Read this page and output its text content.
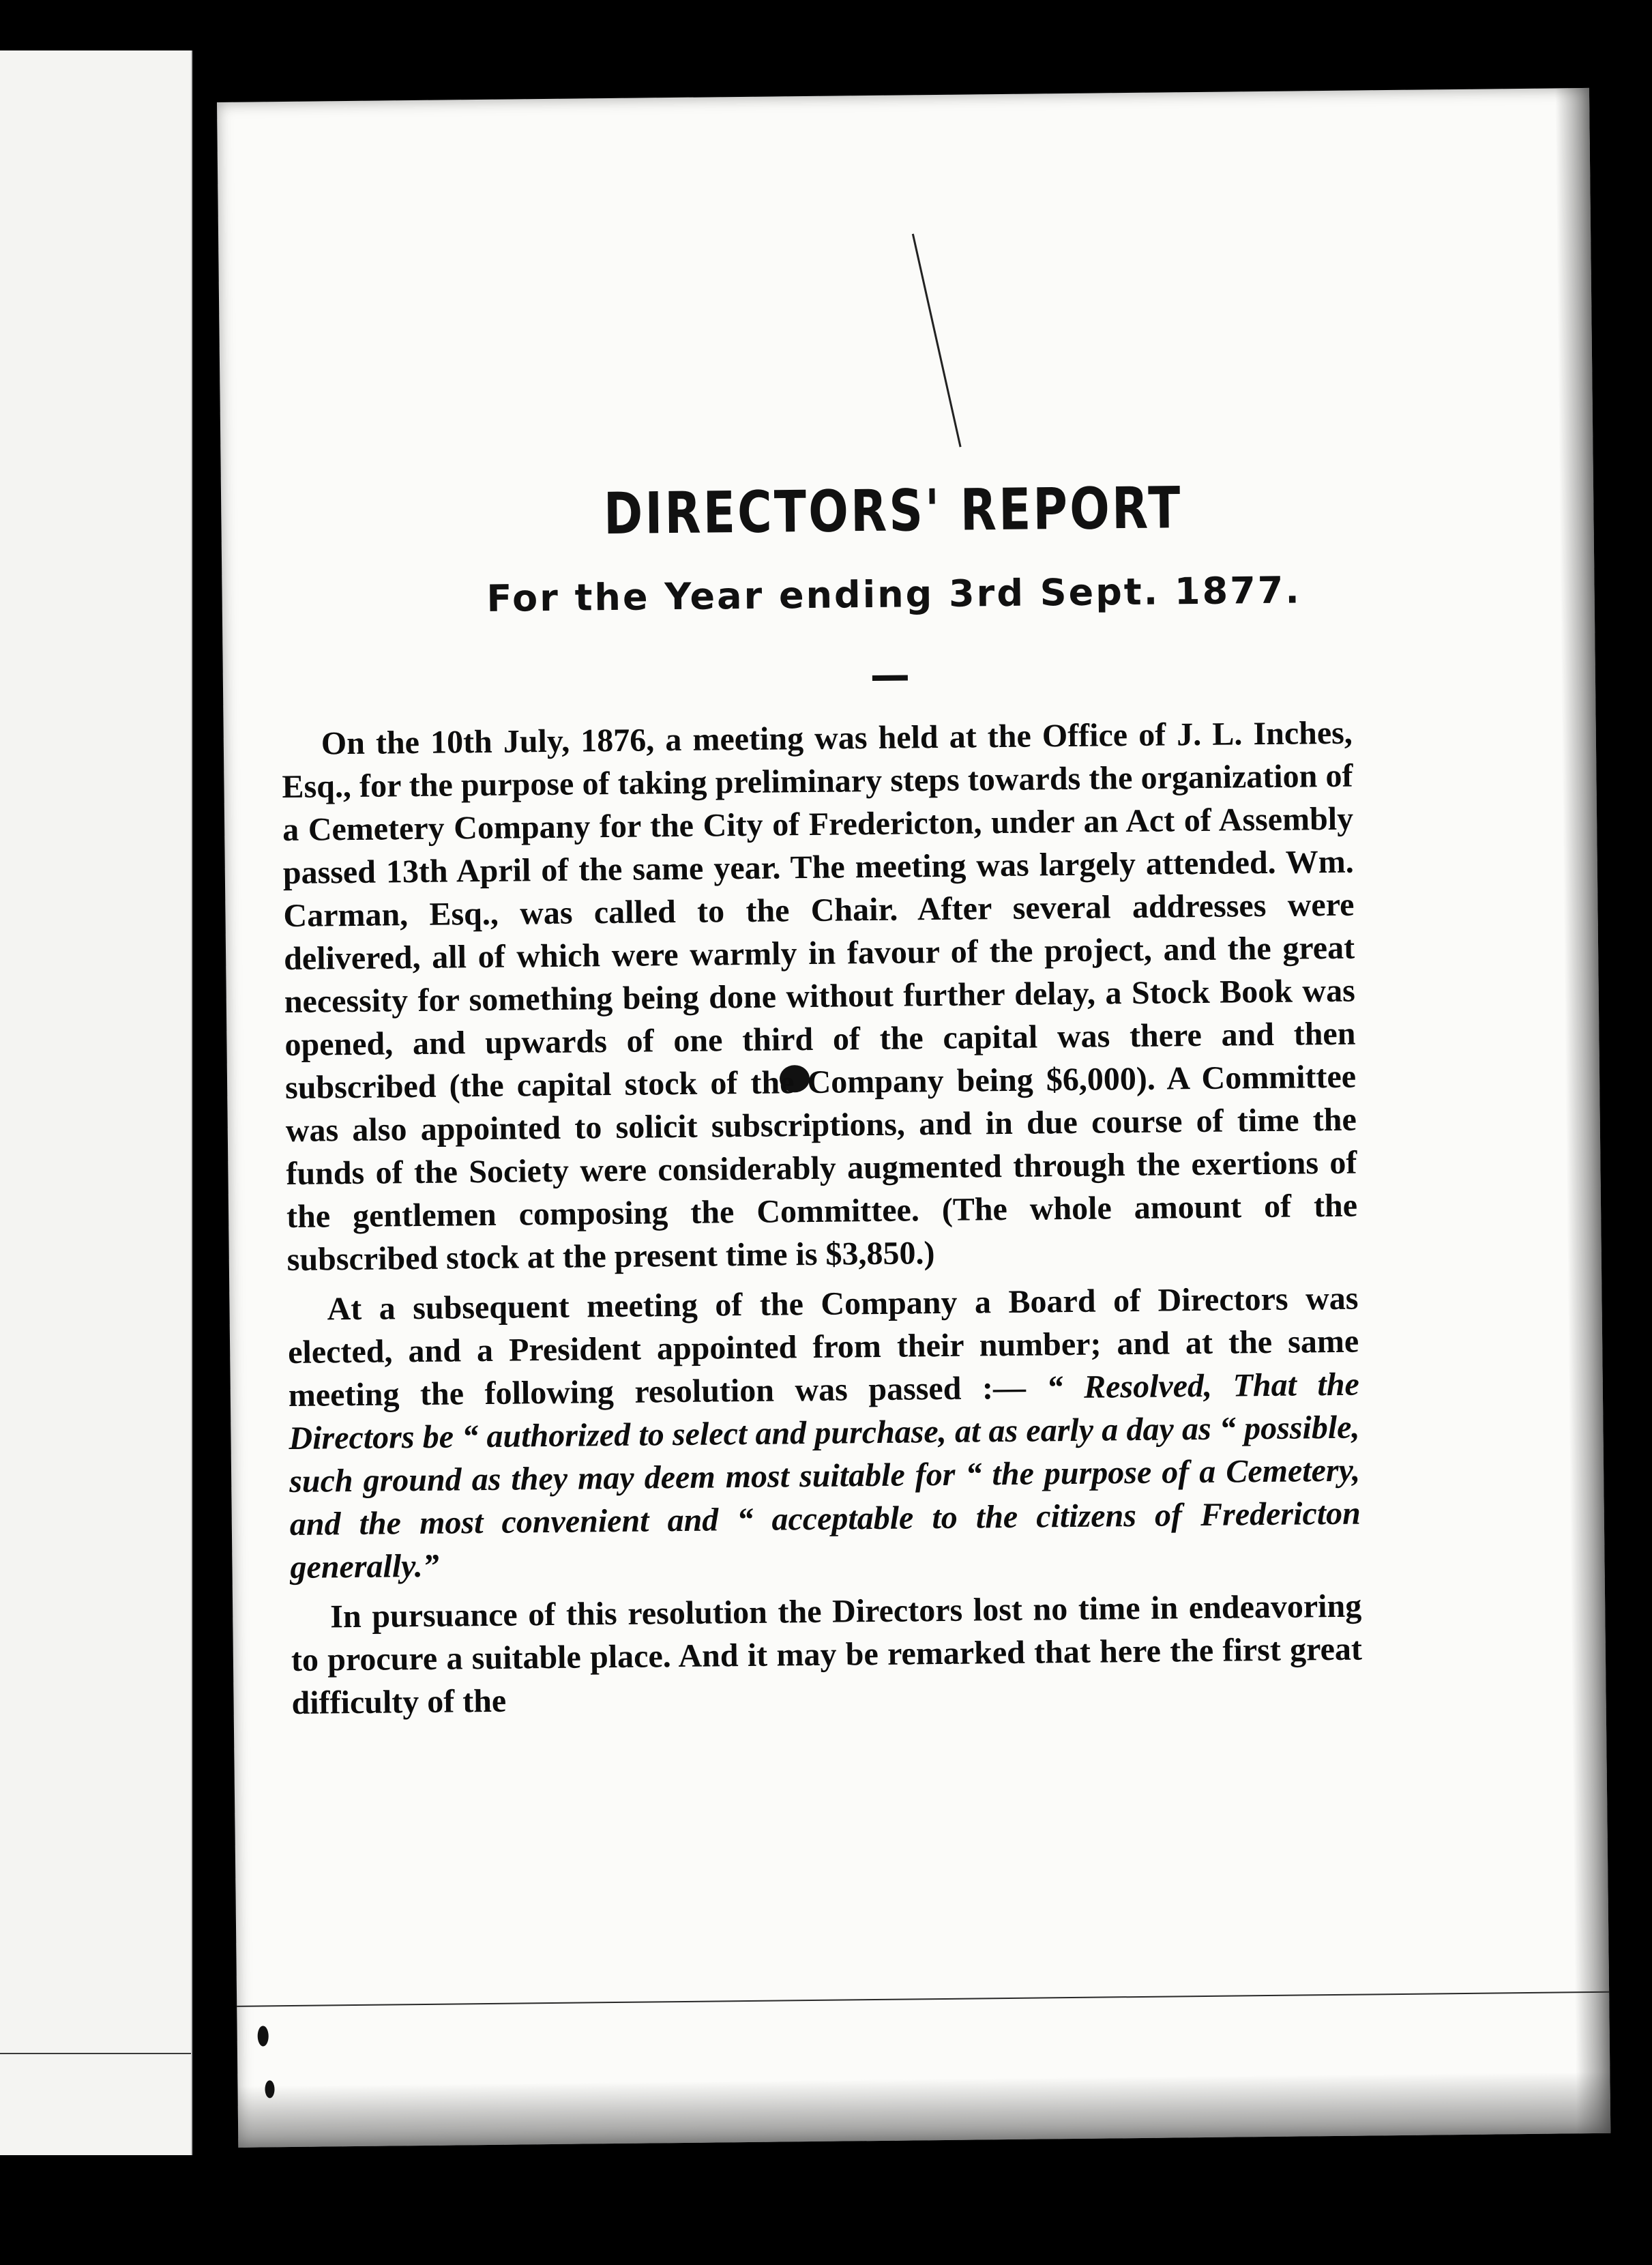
DIRECTORS' REPORT
For the Year ending 3rd Sept. 1877.

On the 10th July, 1876, a meeting was held at the Office of J. L. Inches, Esq., for the purpose of taking preliminary steps towards the organization of a Cemetery Company for the City of Fredericton, under an Act of Assembly passed 13th April of the same year. The meeting was largely attended. Wm. Carman, Esq., was called to the Chair. After several addresses were delivered, all of which were warmly in favour of the project, and the great necessity for something being done without further delay, a Stock Book was opened, and upwards of one third of the capital was there and then subscribed (the capital stock of the Company being $6,000). A Committee was also appointed to solicit subscriptions, and in due course of time the funds of the Society were considerably augmented through the exertions of the gentlemen composing the Committee. (The whole amount of the subscribed stock at the present time is $3,850.)

At a subsequent meeting of the Company a Board of Directors was elected, and a President appointed from their number; and at the same meeting the following resolution was passed :— “ Resolved, That the Directors be “ authorized to select and purchase, at as early a day as “ possible, such ground as they may deem most suitable for “ the purpose of a Cemetery, and the most convenient and “ acceptable to the citizens of Fredericton generally.”

In pursuance of this resolution the Directors lost no time in endeavoring to procure a suitable place. And it may be remarked that here the first great difficulty of the
